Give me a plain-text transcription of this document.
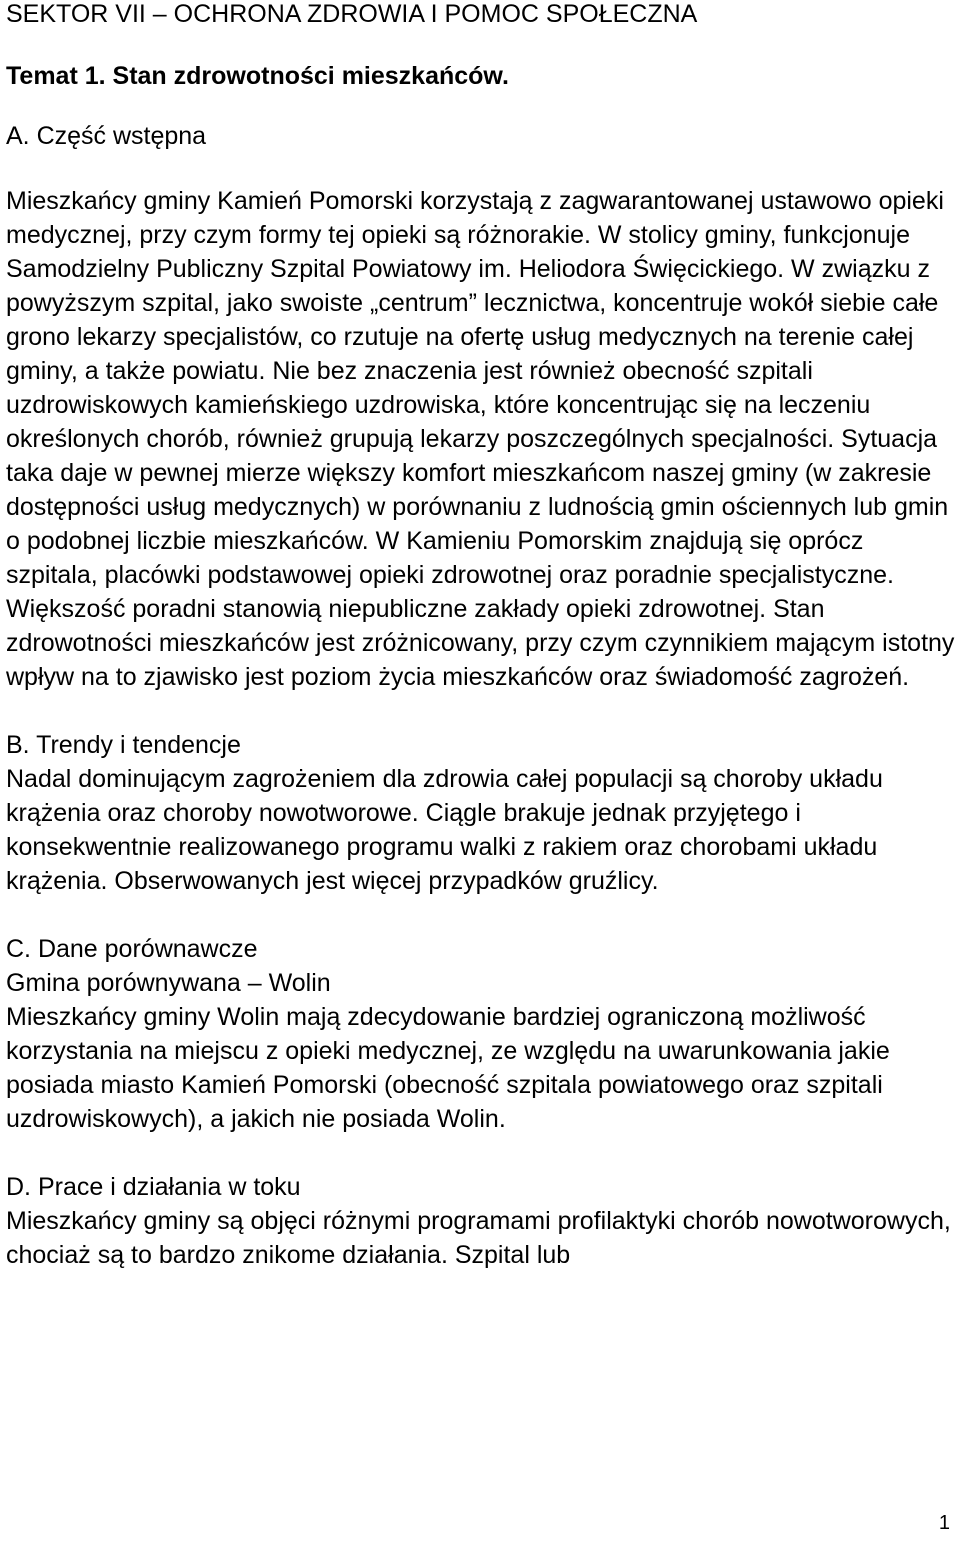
SEKTOR VII – OCHRONA ZDROWIA I POMOC SPOŁECZNA
Temat 1. Stan zdrowotności mieszkańców.
A. Część wstępna

Mieszkańcy gminy Kamień Pomorski korzystają z zagwarantowanej ustawowo opieki medycznej, przy czym formy tej opieki są różnorakie. W stolicy gminy, funkcjonuje Samodzielny Publiczny Szpital Powiatowy im. Heliodora Święcickiego. W związku z powyższym szpital, jako swoiste „centrum” lecznictwa, koncentruje wokół siebie całe grono lekarzy specjalistów, co rzutuje na ofertę usług medycznych na terenie całej gminy, a także powiatu. Nie bez znaczenia jest również obecność szpitali uzdrowiskowych kamieńskiego uzdrowiska, które koncentrując się na leczeniu określonych chorób, również grupują lekarzy poszczególnych specjalności. Sytuacja taka daje w pewnej mierze większy komfort mieszkańcom naszej gminy (w zakresie dostępności usług medycznych) w porównaniu z ludnością gmin ościennych lub gmin o podobnej liczbie mieszkańców. W Kamieniu Pomorskim znajdują się oprócz szpitala, placówki podstawowej opieki zdrowotnej oraz poradnie specjalistyczne. Większość poradni stanowią niepubliczne zakłady opieki zdrowotnej. Stan zdrowotności mieszkańców jest zróżnicowany, przy czym czynnikiem mającym istotny wpływ na to zjawisko jest poziom życia mieszkańców oraz świadomość zagrożeń.

B. Trendy i tendencje

Nadal dominującym zagrożeniem dla zdrowia całej populacji są choroby układu krążenia oraz choroby nowotworowe. Ciągle brakuje jednak przyjętego i konsekwentnie realizowanego programu walki z rakiem oraz chorobami układu krążenia. Obserwowanych jest więcej przypadków gruźlicy.

C. Dane porównawcze

Gmina porównywana – Wolin

Mieszkańcy gminy Wolin mają zdecydowanie bardziej ograniczoną możliwość korzystania na miejscu z opieki medycznej, ze względu na uwarunkowania jakie posiada miasto Kamień Pomorski (obecność szpitala powiatowego oraz szpitali uzdrowiskowych), a jakich nie posiada Wolin.

D. Prace i działania w toku

Mieszkańcy gminy są objęci różnymi programami profilaktyki chorób nowotworowych, chociaż są to bardzo znikome działania. Szpital lub

1
